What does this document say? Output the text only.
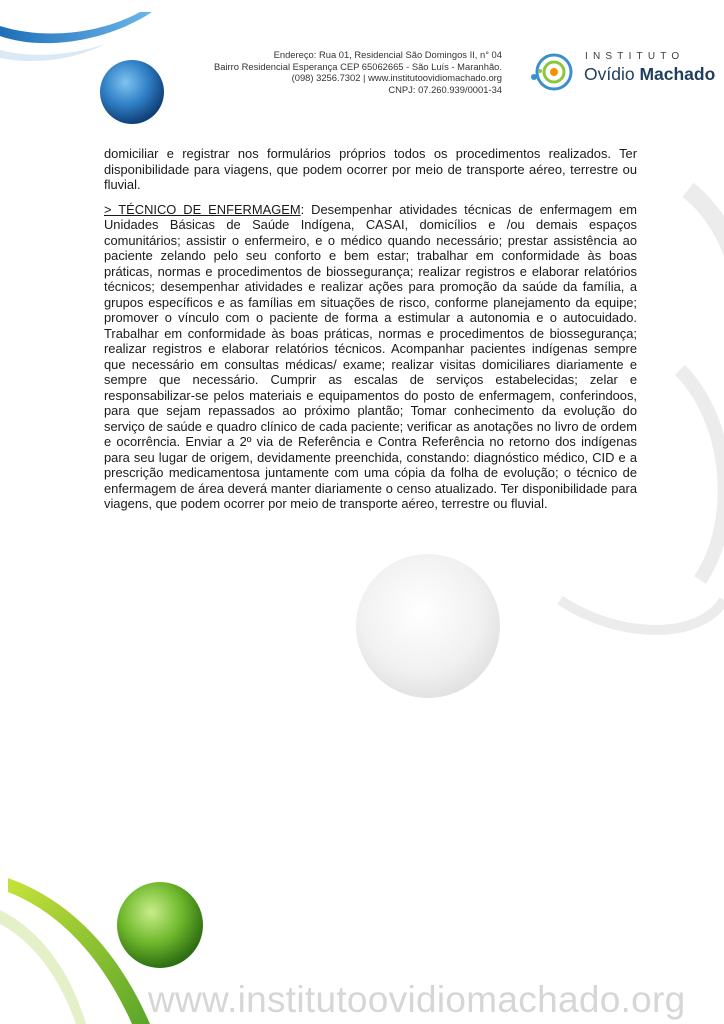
Endereço: Rua 01, Residencial São Domingos II, n° 04
Bairro Residencial Esperança CEP 65062665 - São Luís - Maranhão.
(098) 3256.7302 | www.institutoovidiomachado.org
CNPJ: 07.260.939/0001-34
INSTITUTO
Ovídio Machado

domiciliar e registrar nos formulários próprios todos os procedimentos realizados. Ter disponibilidade para viagens, que podem ocorrer por meio de transporte aéreo, terrestre ou fluvial.

> TÉCNICO DE ENFERMAGEM: Desempenhar atividades técnicas de enfermagem em Unidades Básicas de Saúde Indígena, CASAI, domicílios e /ou demais espaços comunitários; assistir o enfermeiro, e o médico quando necessário; prestar assistência ao paciente zelando pelo seu conforto e bem estar; trabalhar em conformidade às boas práticas, normas e procedimentos de biossegurança; realizar registros e elaborar relatórios técnicos; desempenhar atividades e realizar ações para promoção da saúde da família, a grupos específicos e as famílias em situações de risco, conforme planejamento da equipe; promover o vínculo com o paciente de forma a estimular a autonomia e o autocuidado. Trabalhar em conformidade às boas práticas, normas e procedimentos de biossegurança; realizar registros e elaborar relatórios técnicos. Acompanhar pacientes indígenas sempre que necessário em consultas médicas/ exame; realizar visitas domiciliares diariamente e sempre que necessário. Cumprir as escalas de serviços estabelecidas; zelar e responsabilizar-se pelos materiais e equipamentos do posto de enfermagem, conferindoos, para que sejam repassados ao próximo plantão; Tomar conhecimento da evolução do serviço de saúde e quadro clínico de cada paciente; verificar as anotações no livro de ordem e ocorrência. Enviar a 2º via de Referência e Contra Referência no retorno dos indígenas para seu lugar de origem, devidamente preenchida, constando: diagnóstico médico, CID e a prescrição medicamentosa juntamente com uma cópia da folha de evolução; o técnico de enfermagem de área deverá manter diariamente o censo atualizado. Ter disponibilidade para viagens, que podem ocorrer por meio de transporte aéreo, terrestre ou fluvial.

www.institutoovidiomachado.org
